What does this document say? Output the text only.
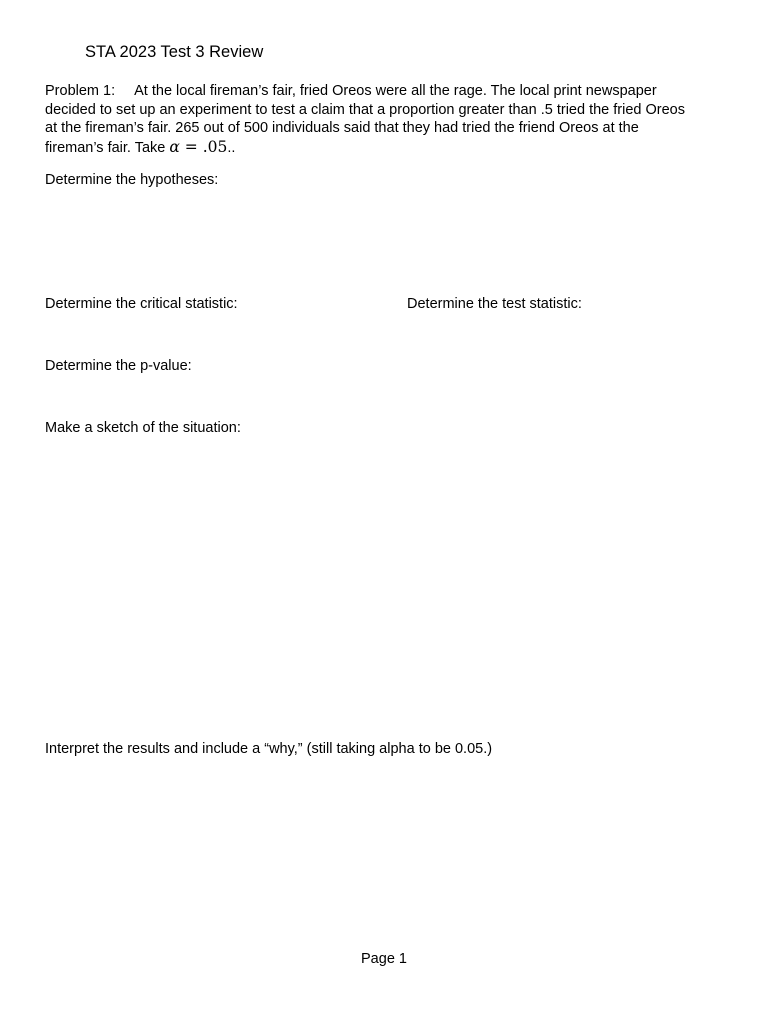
STA 2023 Test 3 Review
Problem 1: At the local fireman’s fair, fried Oreos were all the rage. The local print newspaper
decided to set up an experiment to test a claim that a proportion greater than .5 tried the fried Oreos
at the fireman’s fair. 265 out of 500 individuals said that they had tried the friend Oreos at the
fireman’s fair. Take α = .05..
Determine the hypotheses:
Determine the critical statistic:	Determine the test statistic:
Determine the p-value:
Make a sketch of the situation:
Interpret the results and include a “why,” (still taking alpha to be 0.05.)
Page 1
